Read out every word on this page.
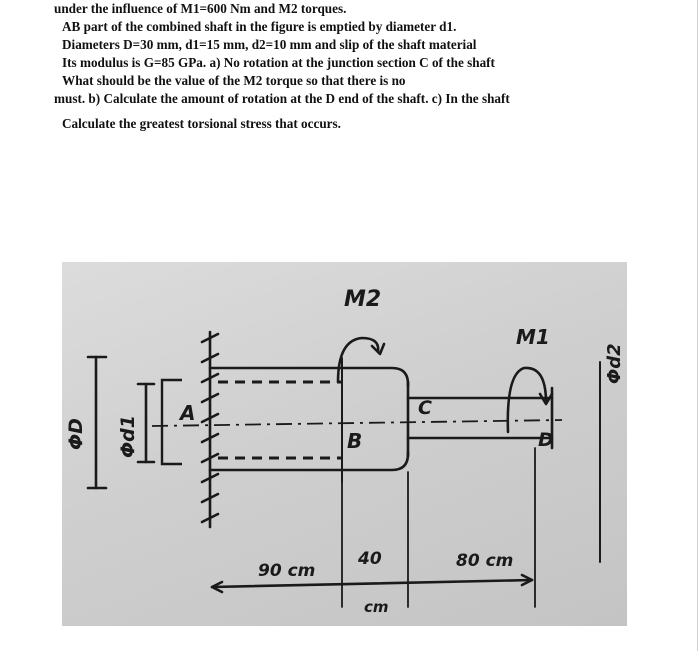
under the influence of M1=600 Nm and M2 torques.
AB part of the combined shaft in the figure is emptied by diameter d1.
Diameters D=30 mm, d1=15 mm, d2=10 mm and slip of the shaft material
Its modulus is G=85 GPa. a) No rotation at the junction section C of the shaft
What should be the value of the M2 torque so that there is no
must. b) Calculate the amount of rotation at the D end of the shaft. c) In the shaft
Calculate the greatest torsional stress that occurs.
M2
M1
A
B
C
D
ΦD Φd1
Φd2
90 cm
40
cm
80 cm
